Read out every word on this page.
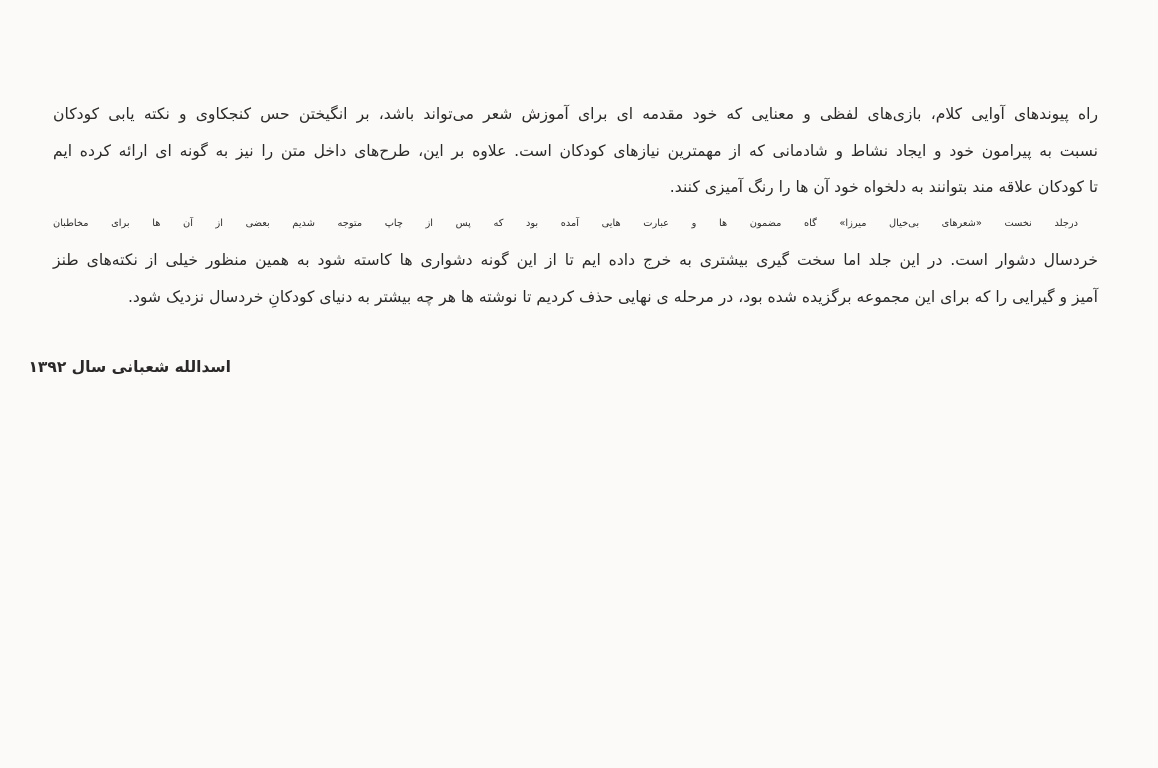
راه پیوندهای آوایی کلام، بازی‌های لفظی و معنایی که خود مقدمه ای برای آموزش شعر می‌تواند باشد، بر انگیختن حس کنجکاوی و نکته یابی کودکان
نسبت به پیرامون خود و ایجاد نشاط و شادمانی که از مهمترین نیازهای کودکان است. علاوه بر این، طرح‌های داخل متن را نیز به گونه ای ارائه کرده ایم
تا کودکان علاقه مند بتوانند به دلخواه خود آن ها را رنگ آمیزی کنند.
درجلد نخست «شعرهای بی‌خیال میرزا» گاه مضمون ها و عبارت هایی آمده بود که پس از چاپ متوجه شدیم بعضی از آن ها برای مخاطبان
خردسال دشوار است. در این جلد اما سخت گیری بیشتری به خرج داده ایم تا از این گونه دشواری ها کاسته شود به همین منظور خیلی از نکته‌های طنز
آمیز و گیرایی را که برای این مجموعه برگزیده شده بود، در مرحله ی نهایی حذف کردیم تا نوشته ها هر چه بیشتر به دنیای کودکانِ خردسال نزدیک شود.
اسدالله شعبانی سال ۱۳۹۲
